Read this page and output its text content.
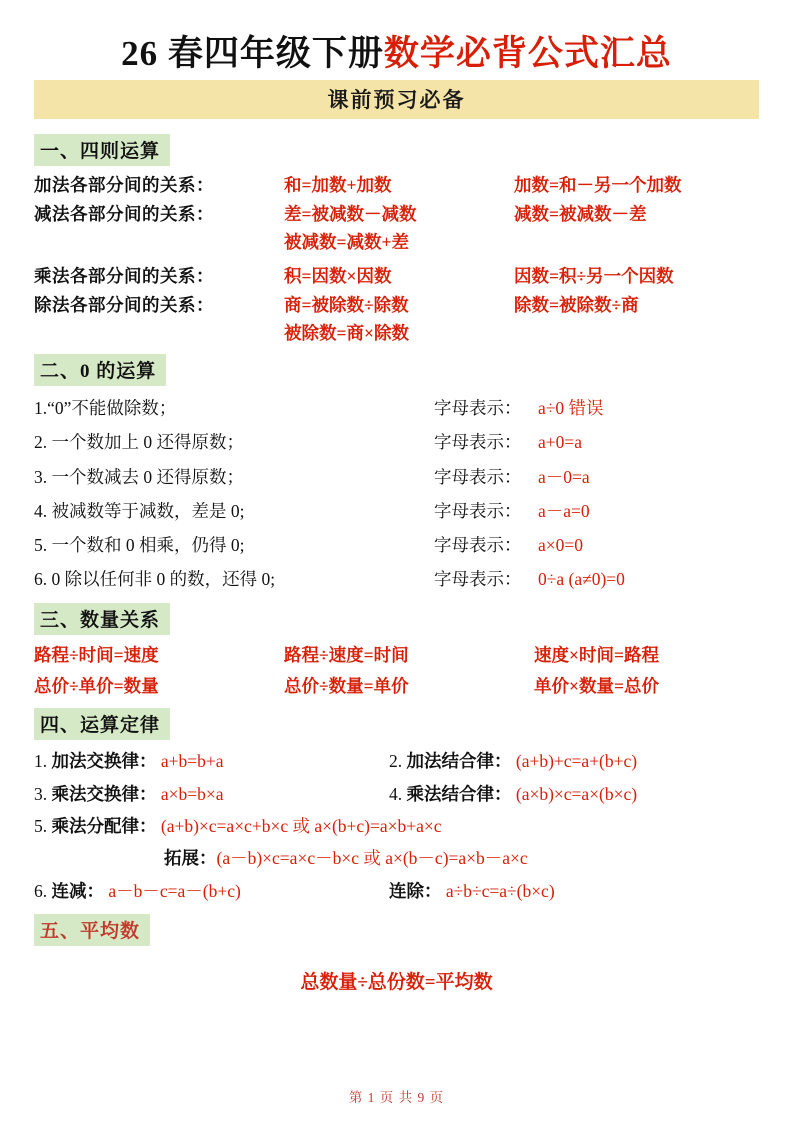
26 春四年级下册数学必背公式汇总
课前预习必备
一、四则运算
加法各部分间的关系：	和=加数+加数	加数=和－另一个加数
减法各部分间的关系：	差=被减数－减数	减数=被减数－差
被减数=减数+差
乘法各部分间的关系：	积=因数×因数	因数=积÷另一个因数
除法各部分间的关系：	商=被除数÷除数	除数=被除数÷商
被除数=商×除数
二、0 的运算
1.“0”不能做除数；	字母表示： a÷0 错误
2. 一个数加上 0 还得原数；	字母表示： a+0=a
3. 一个数减去 0 还得原数；	字母表示： a－0=a
4. 被减数等于减数，差是 0;	字母表示： a－a=0
5. 一个数和 0 相乘，仍得 0;	字母表示： a×0=0
6. 0 除以任何非 0 的数，还得 0;	字母表示： 0÷a (a≠0)=0
三、数量关系
路程÷时间=速度	路程÷速度=时间	速度×时间=路程
总价÷单价=数量	总价÷数量=单价	单价×数量=总价
四、运算定律
1. 加法交换律： a+b=b+a	2. 加法结合律： (a+b)+c=a+(b+c)
3. 乘法交换律： a×b=b×a	4. 乘法结合律： (a×b)×c=a×(b×c)
5. 乘法分配律： (a+b)×c=a×c+b×c 或 a×(b+c)=a×b+a×c
拓展： (a－b)×c=a×c－b×c 或 a×(b－c)=a×b－a×c
6. 连减： a－b－c=a－(b+c)	连除： a÷b÷c=a÷(b×c)
五、平均数
总数量÷总份数=平均数
第 1 页 共 9 页
